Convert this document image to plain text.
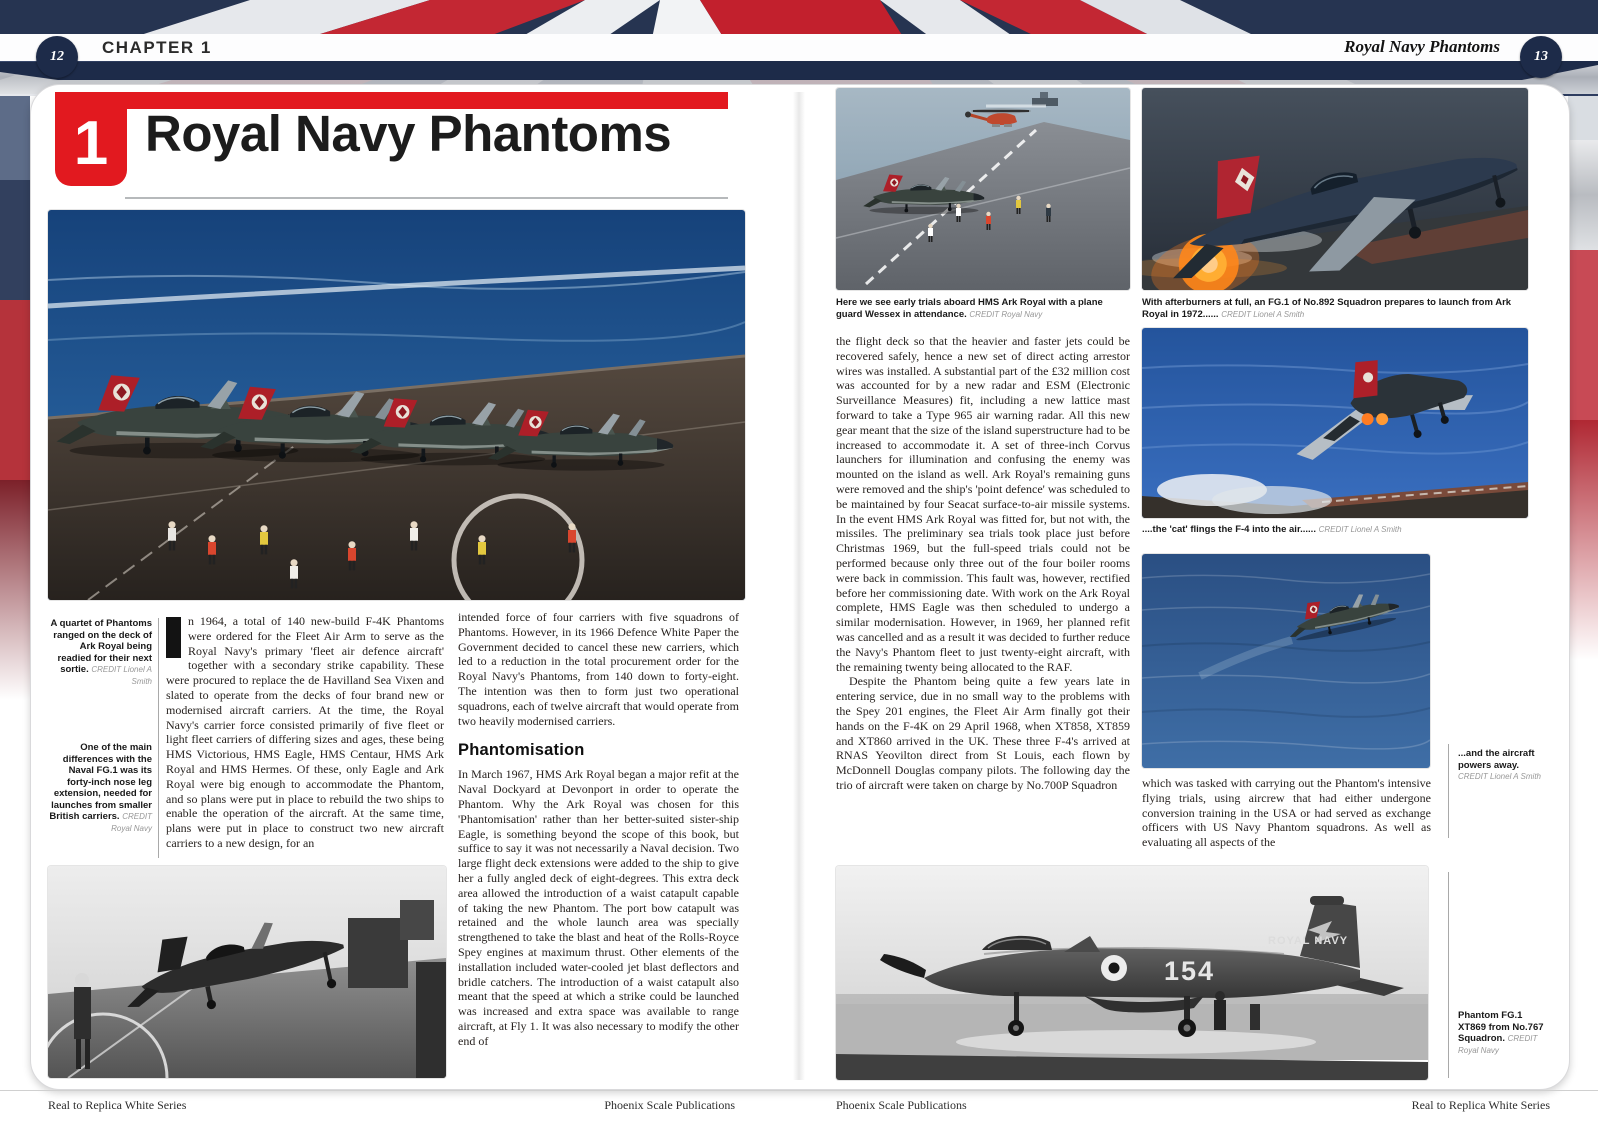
CHAPTER 1	Royal Navy Phantoms
12	13
1 Royal Navy Phantoms
A quartet of Phantoms ranged on the deck of Ark Royal being readied for their next sortie. CREDIT Lionel A Smith
One of the main differences with the Naval FG.1 was its forty-inch nose leg extension, needed for launches from smaller British carriers. CREDIT Royal Navy

n 1964, a total of 140 new-build F-4K Phantoms were ordered for the Fleet Air Arm to serve as the Royal Navy's primary 'fleet air defence aircraft' together with a secondary strike capability. These were procured to replace the de Havilland Sea Vixen and slated to operate from the decks of four brand new or modernised aircraft carriers. At the time, the Royal Navy's carrier force consisted primarily of five fleet or light fleet carriers of differing sizes and ages, these being HMS Victorious, HMS Eagle, HMS Centaur, HMS Ark Royal and HMS Hermes. Of these, only Eagle and Ark Royal were big enough to accommodate the Phantom, and so plans were put in place to rebuild the two ships to enable the operation of the aircraft. At the same time, plans were put in place to construct two new aircraft carriers to a new design, for an

intended force of four carriers with five squadrons of Phantoms. However, in its 1966 Defence White Paper the Government decided to cancel these new carriers, which led to a reduction in the total procurement order for the Royal Navy's Phantoms, from 140 down to forty-eight. The intention was then to form just two operational squadrons, each of twelve aircraft that would operate from two heavily modernised carriers.

Phantomisation

In March 1967, HMS Ark Royal began a major refit at the Naval Dockyard at Devonport in order to operate the Phantom. Why the Ark Royal was chosen for this 'Phantomisation' rather than her better-suited sister-ship Eagle, is something beyond the scope of this book, but suffice to say it was not necessarily a Naval decision. Two large flight deck extensions were added to the ship to give her a fully angled deck of eight-degrees. This extra deck area allowed the introduction of a waist catapult capable of taking the new Phantom. The port bow catapult was retained and the whole launch area was specially strengthened to take the blast and heat of the Rolls-Royce Spey engines at maximum thrust. Other elements of the installation included water-cooled jet blast deflectors and bridle catchers. The introduction of a waist catapult also meant that the speed at which a strike could be launched was increased and extra space was available to range aircraft, at Fly 1. It was also necessary to modify the other end of

Here we see early trials aboard HMS Ark Royal with a plane guard Wessex in attendance. CREDIT Royal Navy
With afterburners at full, an FG.1 of No.892 Squadron prepares to launch from Ark Royal in 1972...... CREDIT Lionel A Smith

the flight deck so that the heavier and faster jets could be recovered safely, hence a new set of direct acting arrestor wires was installed. A substantial part of the £32 million cost was accounted for by a new radar and ESM (Electronic Surveillance Measures) fit, including a new lattice mast forward to take a Type 965 air warning radar. All this new gear meant that the size of the island superstructure had to be increased to accommodate it. A set of three-inch Corvus launchers for illumination and confusing the enemy was mounted on the island as well. Ark Royal's remaining guns were removed and the ship's 'point defence' was scheduled to be maintained by four Seacat surface-to-air missile systems. In the event HMS Ark Royal was fitted for, but not with, the missiles. The preliminary sea trials took place just before Christmas 1969, but the full-speed trials could not be performed because only three out of the four boiler rooms were back in commission. This fault was, however, rectified before her commissioning date. With work on the Ark Royal complete, HMS Eagle was then scheduled to undergo a similar modernisation. However, in 1969, her planned refit was cancelled and as a result it was decided to further reduce the Navy's Phantom fleet to just twenty-eight aircraft, with the remaining twenty being allocated to the RAF.

Despite the Phantom being quite a few years late in entering service, due in no small way to the problems with the Spey 201 engines, the Fleet Air Arm finally got their hands on the F-4K on 29 April 1968, when XT858, XT859 and XT860 arrived in the UK. These three F-4's arrived at RNAS Yeovilton direct from St Louis, each flown by McDonnell Douglas company pilots. The following day the trio of aircraft were taken on charge by No.700P Squadron

....the 'cat' flings the F-4 into the air...... CREDIT Lionel A Smith
...and the aircraft powers away. CREDIT Lionel A Smith

which was tasked with carrying out the Phantom's intensive flying trials, using aircrew that had either undergone conversion training in the USA or had served as exchange officers with US Navy Phantom squadrons. As well as evaluating all aspects of the

154
ROYAL NAVY
Phantom FG.1 XT869 from No.767 Squadron. CREDIT Royal Navy
Real to Replica White Series	Phoenix Scale Publications	Phoenix Scale Publications	Real to Replica White Series
